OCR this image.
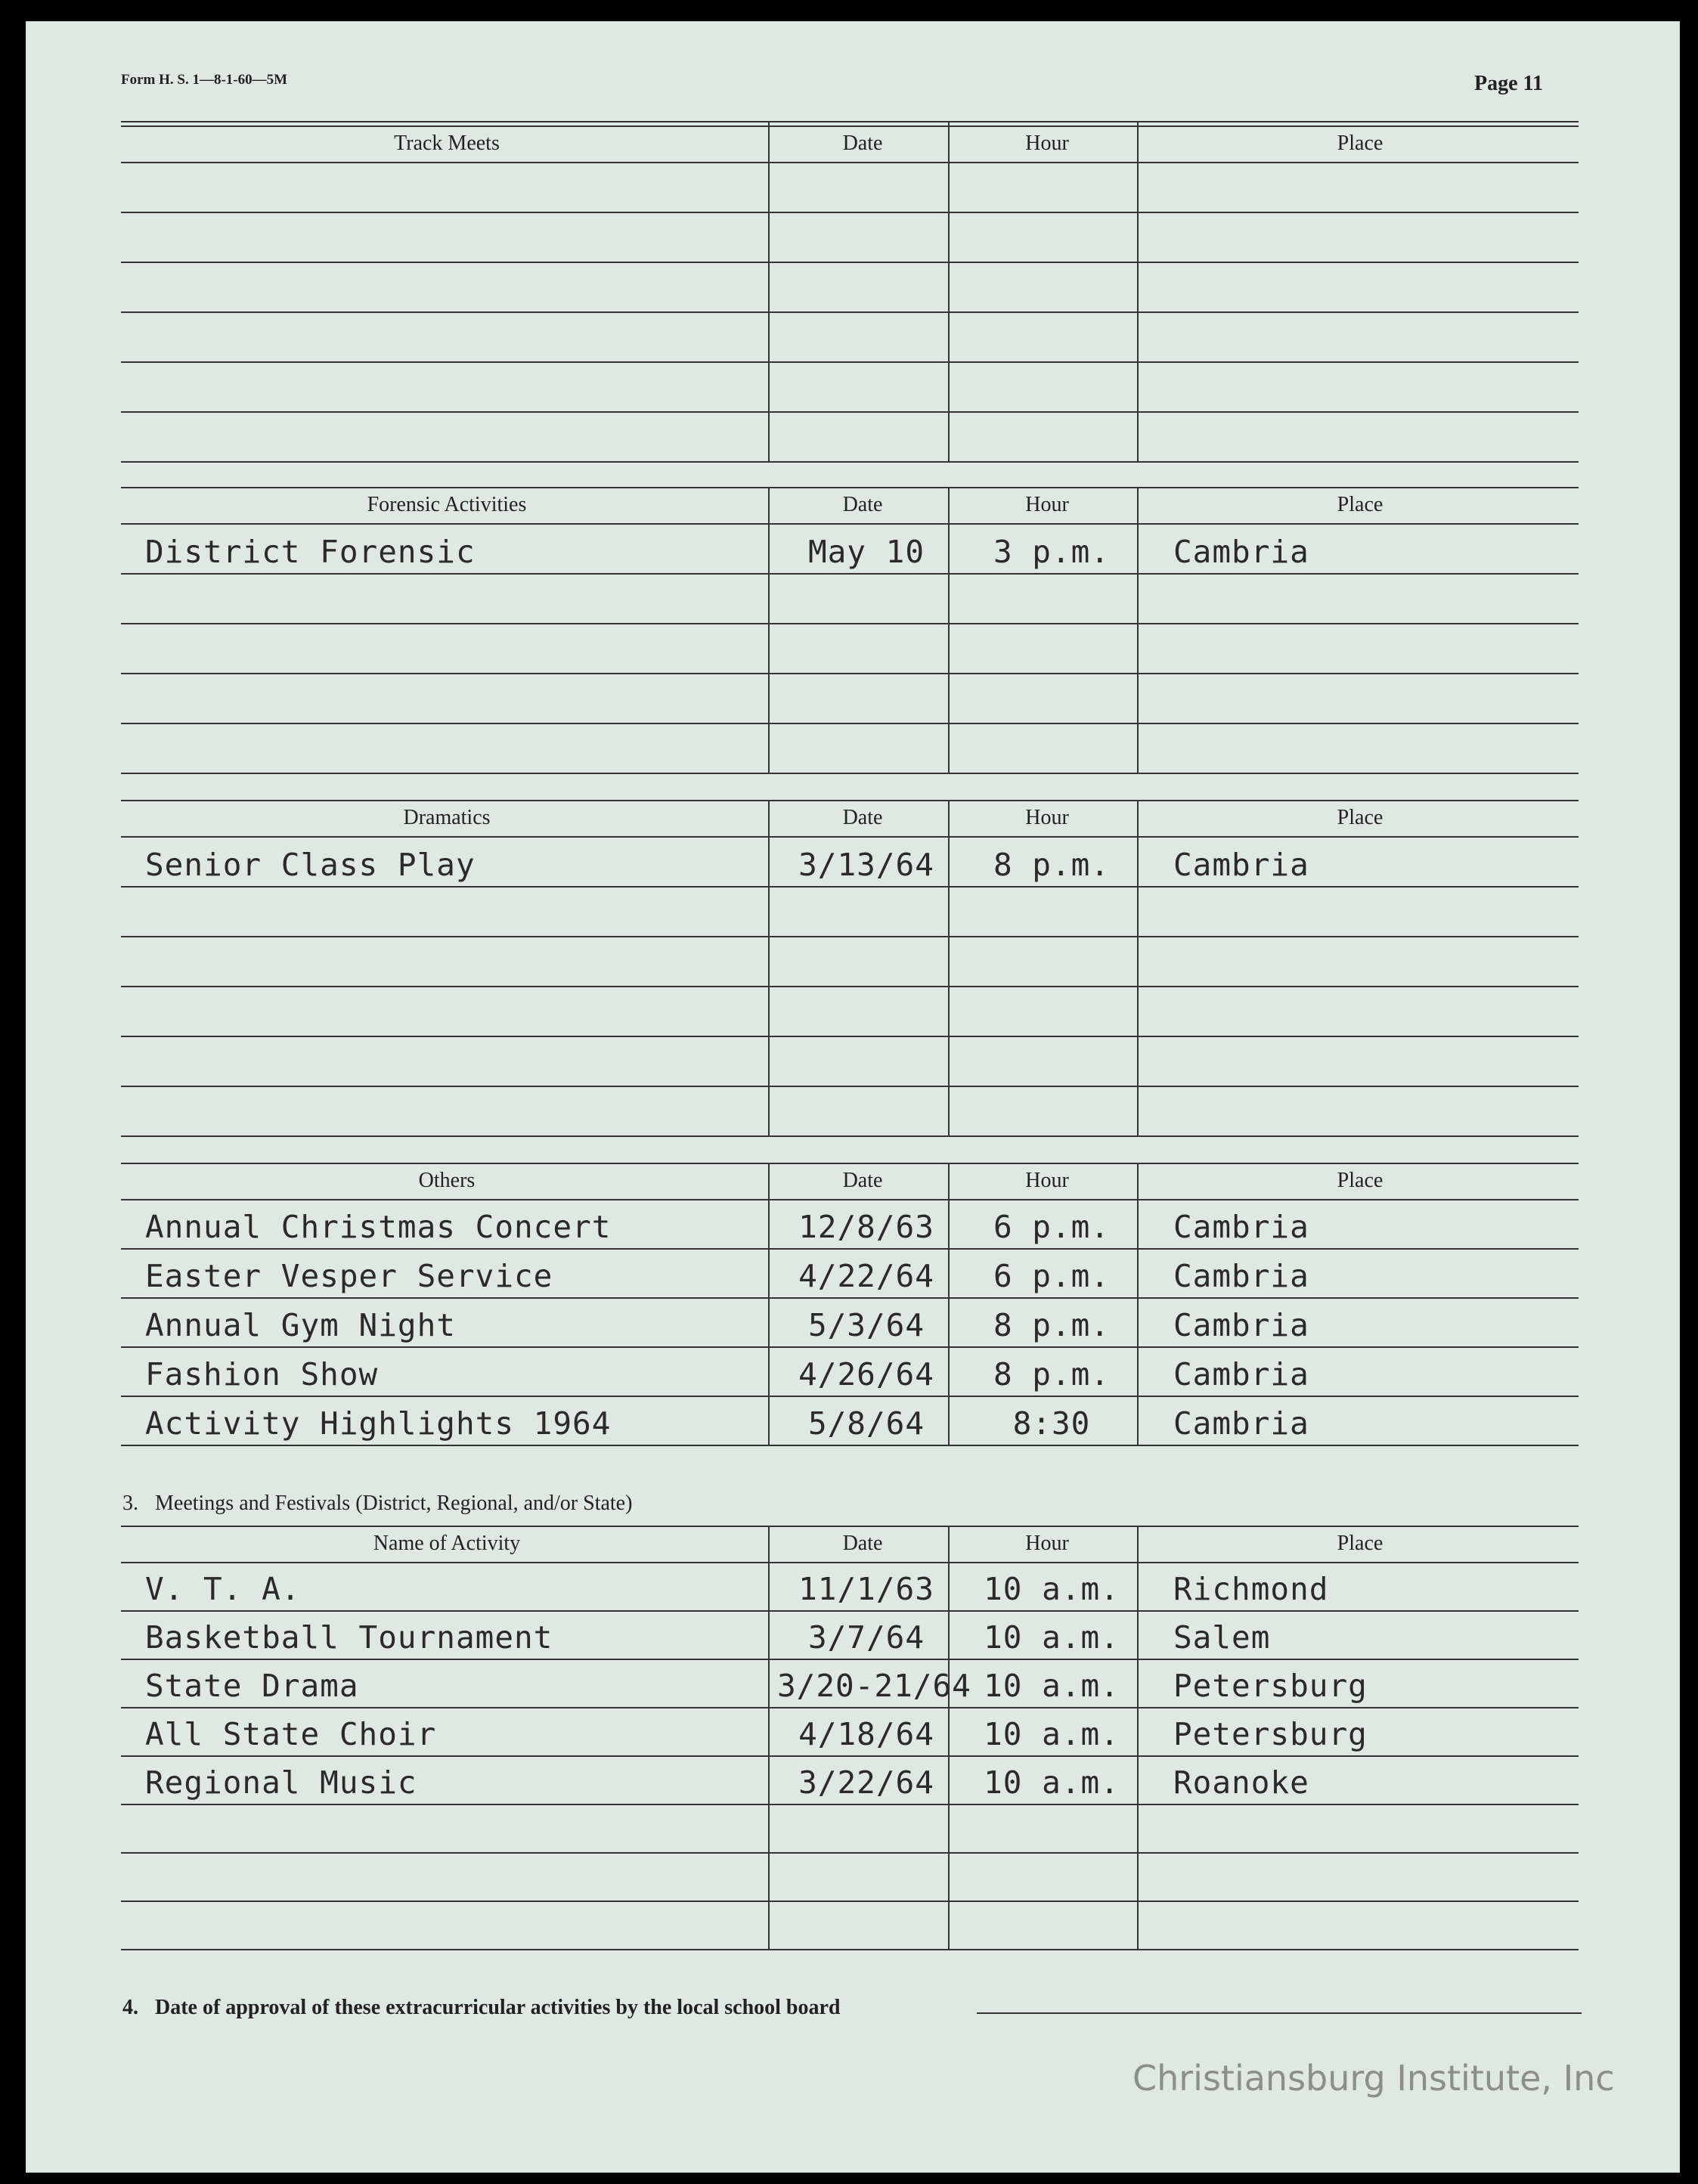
Form H. S. 1—8-1-60—5M	Page 11
Track Meets	Date	Hour	Place
Forensic Activities	Date	Hour	Place
District Forensic	May 10	3 p.m.	Cambria
Dramatics	Date	Hour	Place
Senior Class Play	3/13/64	8 p.m.	Cambria
Others	Date	Hour	Place
Annual Christmas Concert	12/8/63	6 p.m.	Cambria
Easter Vesper Service	4/22/64	6 p.m.	Cambria
Annual Gym Night	5/3/64	8 p.m.	Cambria
Fashion Show	4/26/64	8 p.m.	Cambria
Activity Highlights 1964	5/8/64	8:30	Cambria
3. Meetings and Festivals (District, Regional, and/or State)
Name of Activity	Date	Hour	Place
V. T. A.	11/1/63	10 a.m.	Richmond
Basketball Tournament	3/7/64	10 a.m.	Salem
State Drama	3/20-21/64 10 a.m.	Petersburg
All State Choir	4/18/64	10 a.m.	Petersburg
Regional Music	3/22/64	10 a.m.	Roanoke
4. Date of approval of these extracurricular activities by the local school board
Christiansburg Institute, Inc
